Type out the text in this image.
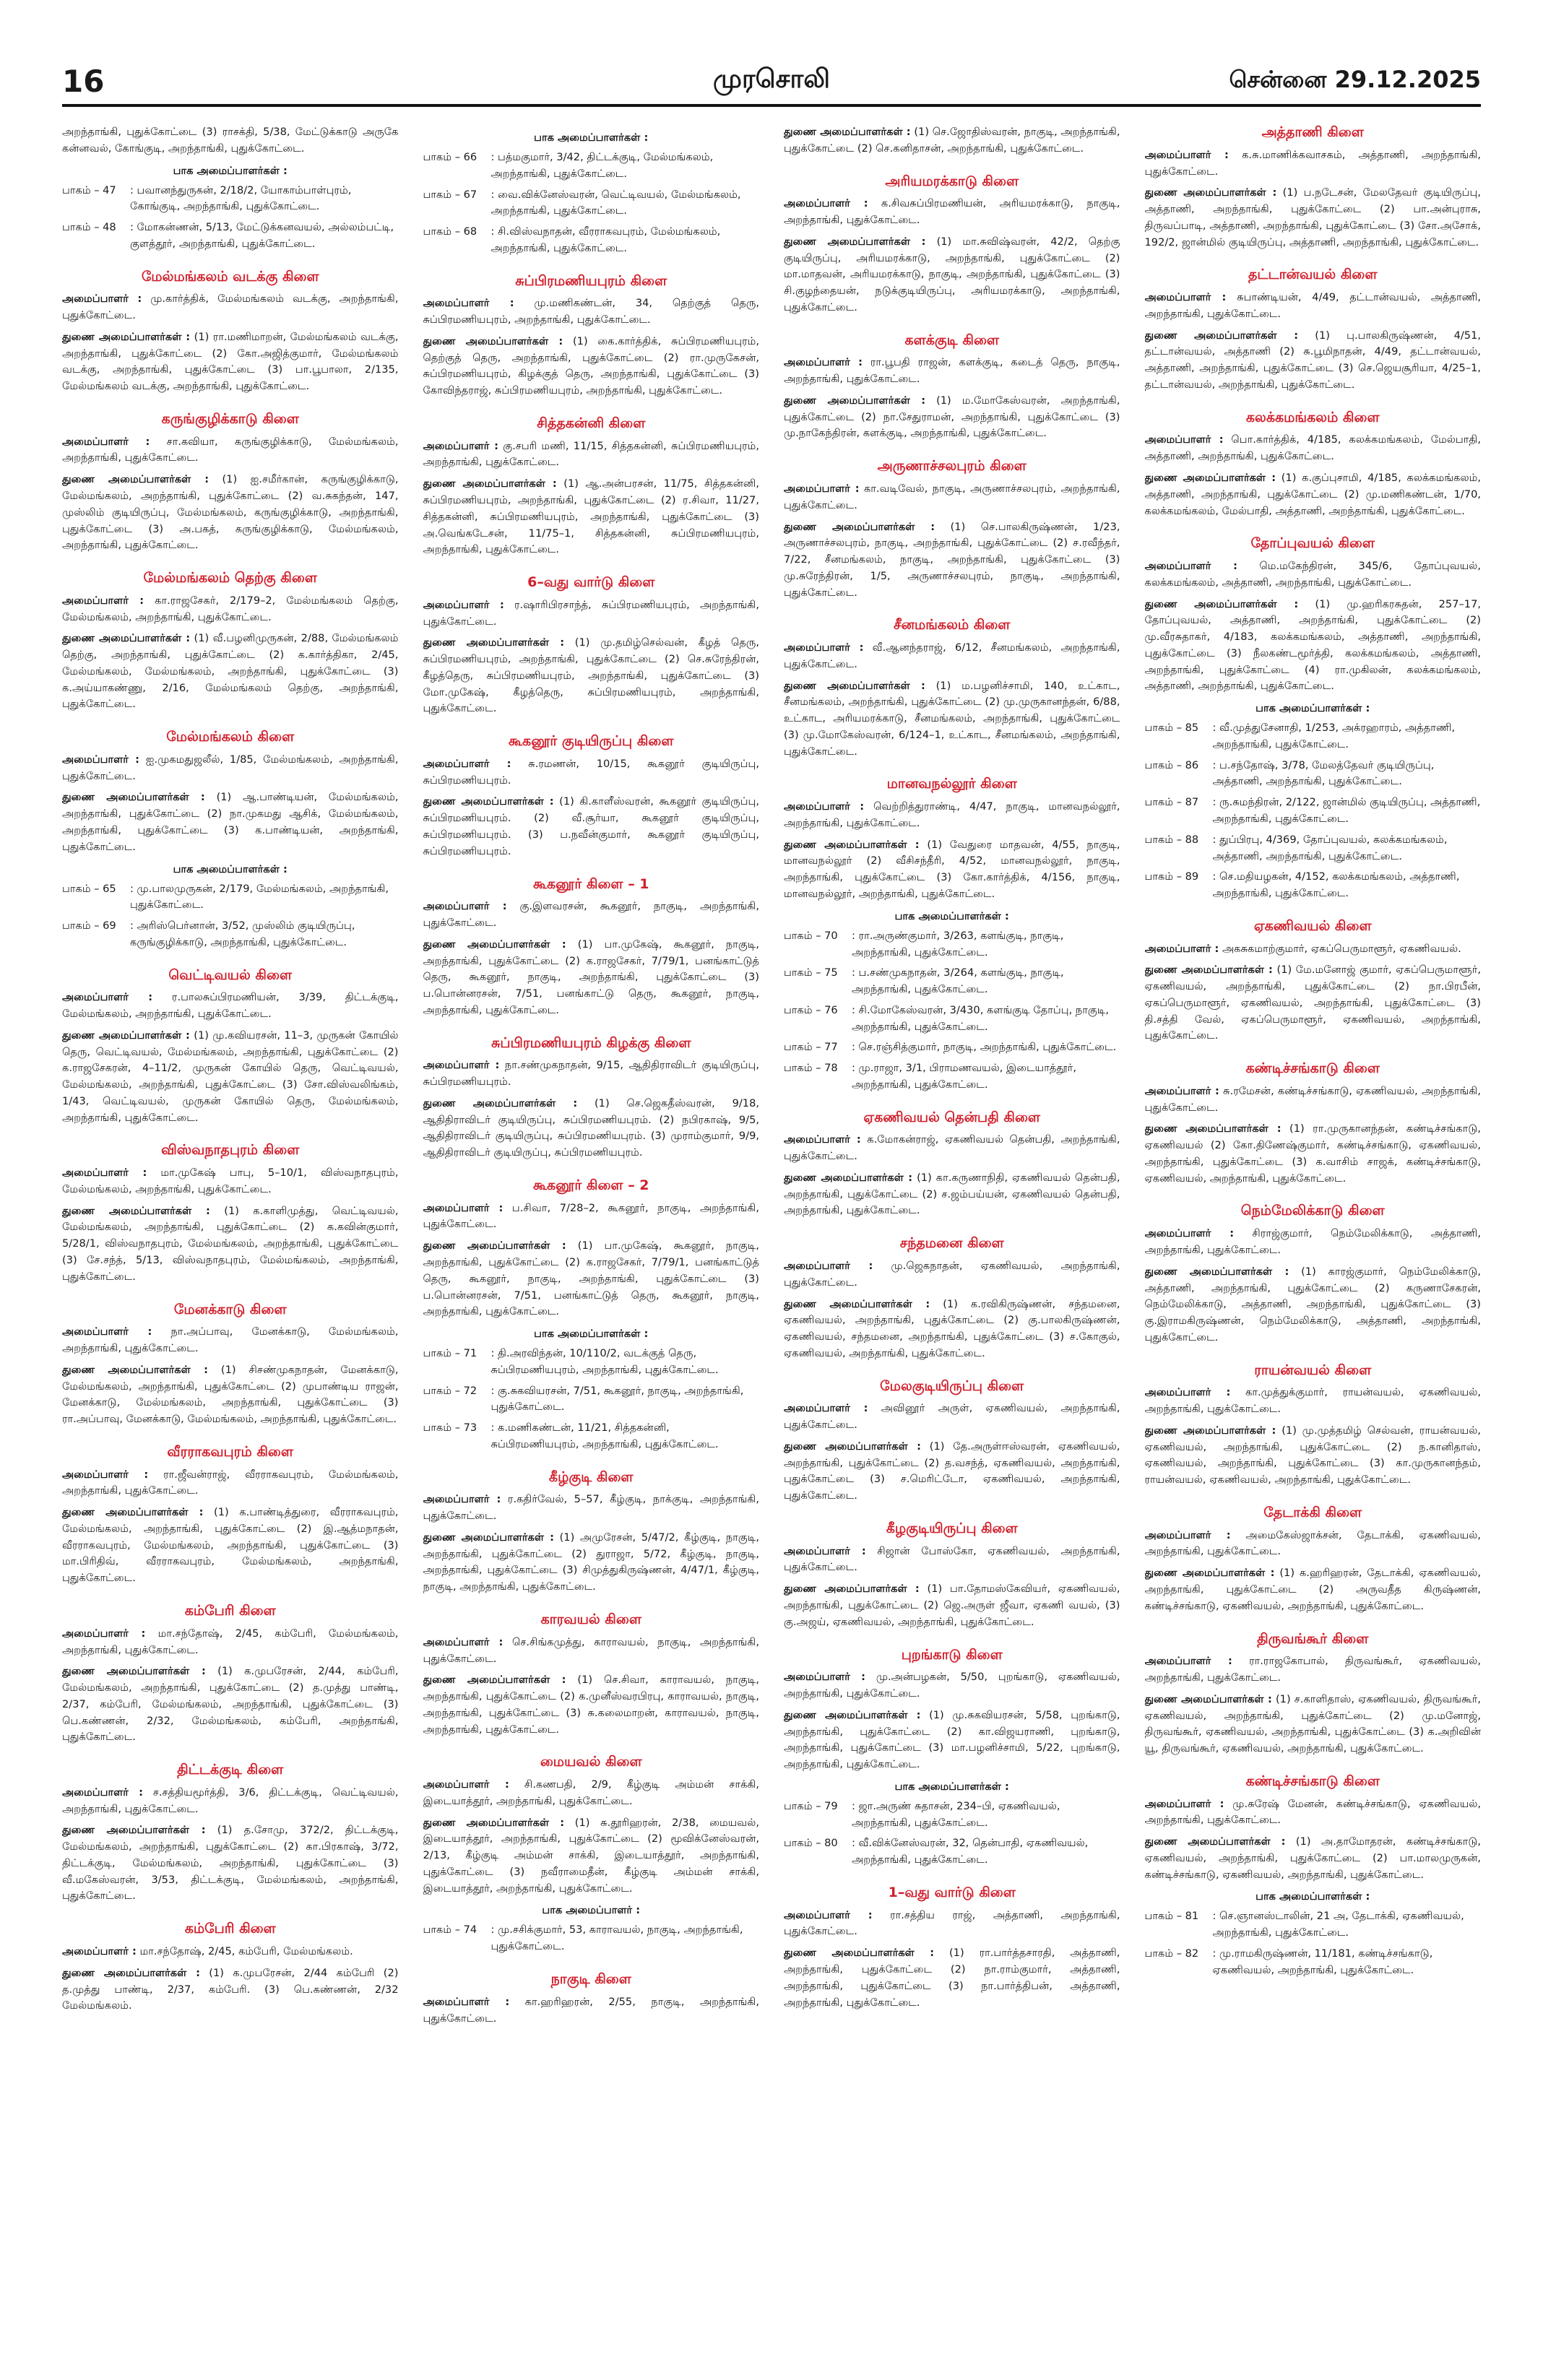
16	முரசொலி	சென்னை 29.12.2025

அறந்தாங்கி, புதுக்கோட்டை (3) ராசக்தி, 5/38, மேட்டுக்காடு அருகே கன்னவல், கோங்குடி, அறந்தாங்கி, புதுக்கோட்டை.

பாக அமைப்பாளர்கள் :
பாகம் – 47	: பவானந்துருகன், 2/18/2, யோகாம்பாள்புரம், கோங்குடி, அறந்தாங்கி, புதுக்கோட்டை.
பாகம் – 48	: மோகன்ணன், 5/13, மேட்டுக்கனவயல், அல்லம்பட்டி, குளத்தூர், அறந்தாங்கி, புதுக்கோட்டை.
மேல்மங்கலம் வடக்கு கிளை

அமைப்பாளர் : மு.கார்த்திக், மேல்மங்கலம் வடக்கு, அறந்தாங்கி, புதுக்கோட்டை.

துணை அமைப்பாளர்கள் : (1) ரா.மணிமாறன், மேல்மங்கலம் வடக்கு, அறந்தாங்கி, புதுக்கோட்டை (2) கோ.அஜித்குமார், மேல்மங்கலம் வடக்கு, அறந்தாங்கி, புதுக்கோட்டை (3) பா.பூபாலா, 2/135, மேல்மங்கலம் வடக்கு, அறந்தாங்கி, புதுக்கோட்டை.

கருங்குழிக்காடு கிளை

அமைப்பாளர் : சா.கவியா, கருங்குழிக்காடு, மேல்மங்கலம், அறந்தாங்கி, புதுக்கோட்டை.

துணை அமைப்பாளர்கள் : (1) ஐ.சமீர்கான், கருங்குழிக்காடு, மேல்மங்கலம், அறந்தாங்கி, புதுக்கோட்டை (2) வ.சுகந்தன், 147, முஸ்லிம் குடியிருப்பு, மேல்மங்கலம், கருங்குழிக்காடு, அறந்தாங்கி, புதுக்கோட்டை (3) அ.பகத், கருங்குழிக்காடு, மேல்மங்கலம், அறந்தாங்கி, புதுக்கோட்டை.

மேல்மங்கலம் தெற்கு கிளை

அமைப்பாளர் : கா.ராஜசேகர், 2/179–2, மேல்மங்கலம் தெற்கு, மேல்மங்கலம், அறந்தாங்கி, புதுக்கோட்டை.

துணை அமைப்பாளர்கள் : (1) வீ.பழனிமுருகன், 2/88, மேல்மங்கலம் தெற்கு, அறந்தாங்கி, புதுக்கோட்டை (2) க.கார்த்திகா, 2/45, மேல்மங்கலம், மேல்மங்கலம், அறந்தாங்கி, புதுக்கோட்டை (3) க.அய்யாகண்ணு, 2/16, மேல்மங்கலம் தெற்கு, அறந்தாங்கி, புதுக்கோட்டை.

மேல்மங்கலம் கிளை

அமைப்பாளர் : ஐ.முகமதுஜலீல், 1/85, மேல்மங்கலம், அறந்தாங்கி, புதுக்கோட்டை.

துணை அமைப்பாளர்கள் : (1) ஆ.பாண்டியன், மேல்மங்கலம், அறந்தாங்கி, புதுக்கோட்டை (2) நா.முகமது ஆசிக், மேல்மங்கலம், அறந்தாங்கி, புதுக்கோட்டை (3) க.பாண்டியன், அறந்தாங்கி, புதுக்கோட்டை.

பாக அமைப்பாளர்கள் :
பாகம் – 65	: மு.பாலமுருகன், 2/179, மேல்மங்கலம், அறந்தாங்கி, புதுக்கோட்டை.
பாகம் – 69	: அரிஸ்பெர்னான், 3/52, முஸ்லிம் குடியிருப்பு, கருங்குழிக்காடு, அறந்தாங்கி, புதுக்கோட்டை.
வெட்டிவயல் கிளை

அமைப்பாளர் : ர.பாலசுப்பிரமணியன், 3/39, திட்டக்குடி, மேல்மங்கலம், அறந்தாங்கி, புதுக்கோட்டை.

துணை அமைப்பாளர்கள் : (1) மு.கவியரசன், 11–3, முருகன் கோயில் தெரு, வெட்டிவயல், மேல்மங்கலம், அறந்தாங்கி, புதுக்கோட்டை (2) க.ராஜசேகரன், 4–11/2, முருகன் கோயில் தெரு, வெட்டிவயல், மேல்மங்கலம், அறந்தாங்கி, புதுக்கோட்டை (3) சோ.விஸ்வலிங்கம், 1/43, வெட்டிவயல், முருகன் கோயில் தெரு, மேல்மங்கலம், அறந்தாங்கி, புதுக்கோட்டை.

விஸ்வநாதபுரம் கிளை

அமைப்பாளர் : மா.முகேஷ் பாபு, 5–10/1, விஸ்வநாதபுரம், மேல்மங்கலம், அறந்தாங்கி, புதுக்கோட்டை.

துணை அமைப்பாளர்கள் : (1) க.காளிமுத்து, வெட்டிவயல், மேல்மங்கலம், அறந்தாங்கி, புதுக்கோட்டை (2) க.கவின்குமார், 5/28/1, விஸ்வநாதபுரம், மேல்மங்கலம், அறந்தாங்கி, புதுக்கோட்டை (3) சே.சந்த், 5/13, விஸ்வநாதபுரம், மேல்மங்கலம், அறந்தாங்கி, புதுக்கோட்டை.

மேனக்காடு கிளை

அமைப்பாளர் : நா.அப்பாவு, மேனக்காடு, மேல்மங்கலம், அறந்தாங்கி, புதுக்கோட்டை.

துணை அமைப்பாளர்கள் : (1) சிசண்முகநாதன், மேனக்காடு, மேல்மங்கலம், அறந்தாங்கி, புதுக்கோட்டை (2) முபாண்டிய ராஜன், மேனக்காடு, மேல்மங்கலம், அறந்தாங்கி, புதுக்கோட்டை (3) ரா.அப்பாவு, மேனக்காடு, மேல்மங்கலம், அறந்தாங்கி, புதுக்கோட்டை.

வீரராகவபுரம் கிளை

அமைப்பாளர் : ரா.ஜீவன்ராஜ், வீரராகவபுரம், மேல்மங்கலம், அறந்தாங்கி, புதுக்கோட்டை.

துணை அமைப்பாளர்கள் : (1) க.பாண்டித்துரை, வீரராகவபுரம், மேல்மங்கலம், அறந்தாங்கி, புதுக்கோட்டை (2) இ.ஆத்மநாதன், வீரராகவபுரம், மேல்மங்கலம், அறந்தாங்கி, புதுக்கோட்டை (3) மா.பிரிதிவ், வீரராகவபுரம், மேல்மங்கலம், அறந்தாங்கி, புதுக்கோட்டை.

கம்பேரி கிளை

அமைப்பாளர் : மா.சந்தோஷ், 2/45, கம்பேரி, மேல்மங்கலம், அறந்தாங்கி, புதுக்கோட்டை.

துணை அமைப்பாளர்கள் : (1) க.முபரேசன், 2/44, கம்பேரி, மேல்மங்கலம், அறந்தாங்கி, புதுக்கோட்டை (2) த.முத்து பாண்டி, 2/37, கம்பேரி, மேல்மங்கலம், அறந்தாங்கி, புதுக்கோட்டை (3) பெ.கண்ணன், 2/32, மேல்மங்கலம், கம்பேரி, அறந்தாங்கி, புதுக்கோட்டை.

திட்டக்குடி கிளை

அமைப்பாளர் : ச.சத்தியமூர்த்தி, 3/6, திட்டக்குடி, வெட்டிவயல், அறந்தாங்கி, புதுக்கோட்டை.

துணை அமைப்பாளர்கள் : (1) த.சோமு, 372/2, திட்டக்குடி, மேல்மங்கலம், அறந்தாங்கி, புதுக்கோட்டை (2) கா.பிரகாஷ், 3/72, திட்டக்குடி, மேல்மங்கலம், அறந்தாங்கி, புதுக்கோட்டை (3) வீ.மகேஸ்வரன், 3/53, திட்டக்குடி, மேல்மங்கலம், அறந்தாங்கி, புதுக்கோட்டை.

கம்பேரி கிளை

அமைப்பாளர் : மா.சந்தோஷ், 2/45, கம்பேரி, மேல்மங்கலம்.

துணை அமைப்பாளர்கள் : (1) க.முபரேசன், 2/44 கம்பேரி (2) த.முத்து பாண்டி, 2/37, கம்பேரி. (3) பெ.கண்ணன், 2/32 மேல்மங்கலம்.

பாக அமைப்பாளர்கள் :
பாகம் – 66	: பத்மகுமார், 3/42, திட்டக்குடி, மேல்மங்கலம், அறந்தாங்கி, புதுக்கோட்டை.
பாகம் – 67	: வை.விக்னேஸ்வரன், வெட்டிவயல், மேல்மங்கலம், அறந்தாங்கி, புதுக்கோட்டை.
பாகம் – 68	: சி.விஸ்வநாதன், வீரராகவபுரம், மேல்மங்கலம், அறந்தாங்கி, புதுக்கோட்டை.
சுப்பிரமணியபுரம் கிளை

அமைப்பாளர் : மு.மணிகண்டன், 34, தெற்குத் தெரு, சுப்பிரமணியபுரம், அறந்தாங்கி, புதுக்கோட்டை.

துணை அமைப்பாளர்கள் : (1) கை.கார்த்திக், சுப்பிரமணியபுரம், தெற்குத் தெரு, அறந்தாங்கி, புதுக்கோட்டை (2) ரா.முருகேசன், சுப்பிரமணியபுரம், கிழக்குத் தெரு, அறந்தாங்கி, புதுக்கோட்டை (3) கோவிந்தராஜ், சுப்பிரமணியபுரம், அறந்தாங்கி, புதுக்கோட்டை.

சித்தகன்னி கிளை

அமைப்பாளர் : கு.சபரி மணி, 11/15, சித்தகன்னி, சுப்பிரமணியபுரம், அறந்தாங்கி, புதுக்கோட்டை.

துணை அமைப்பாளர்கள் : (1) ஆ.அன்பரசன், 11/75, சித்தகன்னி, சுப்பிரமணியபுரம், அறந்தாங்கி, புதுக்கோட்டை (2) ர.சிவா, 11/27, சித்தகன்னி, சுப்பிரமணியபுரம், அறந்தாங்கி, புதுக்கோட்டை (3) அ.வெங்கடேசன், 11/75–1, சித்தகன்னி, சுப்பிரமணியபுரம், அறந்தாங்கி, புதுக்கோட்டை.

6–வது வார்டு கிளை

அமைப்பாளர் : ர.ஷாரிபிரசாந்த், சுப்பிரமணியபுரம், அறந்தாங்கி, புதுக்கோட்டை.

துணை அமைப்பாளர்கள் : (1) மு.தமிழ்செல்வன், கீழத் தெரு, சுப்பிரமணியபுரம், அறந்தாங்கி, புதுக்கோட்டை (2) செ.சுரேந்திரன், கீழத்தெரு, சுப்பிரமணியபுரம், அறந்தாங்கி, புதுக்கோட்டை (3) மோ.முகேஷ், கீழத்தெரு, சுப்பிரமணியபுரம், அறந்தாங்கி, புதுக்கோட்டை.

கூகனூர் குடியிருப்பு கிளை

அமைப்பாளர் : சு.ரமணன், 10/15, கூகனூர் குடியிருப்பு, சுப்பிரமணியபுரம்.

துணை அமைப்பாளர்கள் : (1) கி.காளீஸ்வரன், கூகனூர் குடியிருப்பு, சுப்பிரமணியபுரம். (2) வீ.சூர்யா, கூகனூர் குடியிருப்பு, சுப்பிரமணியபுரம். (3) ப.நவீன்குமார், கூகனூர் குடியிருப்பு, சுப்பிரமணியபுரம்.

கூகனூர் கிளை – 1

அமைப்பாளர் : கு.இளவரசன், கூகனூர், நாகுடி, அறந்தாங்கி, புதுக்கோட்டை.

துணை அமைப்பாளர்கள் : (1) பா.முகேஷ், கூகனூர், நாகுடி, அறந்தாங்கி, புதுக்கோட்டை (2) க.ராஜசேகர், 7/79/1, பனங்காட்டுத் தெரு, கூகனூர், நாகுடி, அறந்தாங்கி, புதுக்கோட்டை (3) ப.பொன்னரசன், 7/51, பனங்காட்டு தெரு, கூகனூர், நாகுடி, அறந்தாங்கி, புதுக்கோட்டை.

சுப்பிரமணியபுரம் கிழக்கு கிளை

அமைப்பாளர் : நா.சண்முகநாதன், 9/15, ஆதிதிராவிடர் குடியிருப்பு, சுப்பிரமணியபுரம்.

துணை அமைப்பாளர்கள் : (1) செ.ஜெகதீஸ்வரன், 9/18, ஆதிதிராவிடர் குடியிருப்பு, சுப்பிரமணியபுரம். (2) நபிரகாஷ், 9/5, ஆதிதிராவிடர் குடியிருப்பு, சுப்பிரமணியபுரம். (3) முராம்குமார், 9/9, ஆதிதிராவிடர் குடியிருப்பு, சுப்பிரமணியபுரம்.

கூகனூர் கிளை – 2

அமைப்பாளர் : ப.சிவா, 7/28–2, கூகனூர், நாகுடி, அறந்தாங்கி, புதுக்கோட்டை.

துணை அமைப்பாளர்கள் : (1) பா.முகேஷ், கூகனூர், நாகுடி, அறந்தாங்கி, புதுக்கோட்டை (2) க.ராஜசேகர், 7/79/1, பனங்காட்டுத் தெரு, கூகனூர், நாகுடி, அறந்தாங்கி, புதுக்கோட்டை (3) ப.பொன்னரசன், 7/51, பனங்காட்டுத் தெரு, கூகனூர், நாகுடி, அறந்தாங்கி, புதுக்கோட்டை.

பாக அமைப்பாளர்கள் :
பாகம் – 71	: தி.அரவிந்தன், 10/110/2, வடக்குத் தெரு, சுப்பிரமணியபுரம், அறந்தாங்கி, புதுக்கோட்டை.
பாகம் – 72	: கு.சுகவியரசன், 7/51, கூகனூர், நாகுடி, அறந்தாங்கி, புதுக்கோட்டை.
பாகம் – 73	: க.மணிகண்டன், 11/21, சித்தகன்னி, சுப்பிரமணியபுரம், அறந்தாங்கி, புதுக்கோட்டை.
கீழ்குடி கிளை

அமைப்பாளர் : ர.கதிர்வேல், 5–57, கீழ்குடி, நாக்குடி, அறந்தாங்கி, புதுக்கோட்டை.

துணை அமைப்பாளர்கள் : (1) அமுரேசன், 5/47/2, கீழ்குடி, நாகுடி, அறந்தாங்கி, புதுக்கோட்டை (2) துராஜா, 5/72, கீழ்குடி, நாகுடி, அறந்தாங்கி, புதுக்கோட்டை (3) சிமுத்துகிருஷ்ணன், 4/47/1, கீழ்குடி, நாகுடி, அறந்தாங்கி, புதுக்கோட்டை.

காரவயல் கிளை

அமைப்பாளர் : செ.சிங்கமுத்து, காராவயல், நாகுடி, அறந்தாங்கி, புதுக்கோட்டை.

துணை அமைப்பாளர்கள் : (1) செ.சிவா, காராவயல், நாகுடி, அறந்தாங்கி, புதுக்கோட்டை (2) க.முனீஸ்வரபிரபு, காராவயல், நாகுடி, அறந்தாங்கி, புதுக்கோட்டை (3) சு.கலைமாறன், காராவயல், நாகுடி, அறந்தாங்கி, புதுக்கோட்டை.

மையவல் கிளை

அமைப்பாளர் : சி.கணபதி, 2/9, கீழ்குடி அம்மன் சாக்கி, இடையாத்தூர், அறந்தாங்கி, புதுக்கோட்டை.

துணை அமைப்பாளர்கள் : (1) சு.தூரிஹரன், 2/38, மையவல், இடையாத்தூர், அறந்தாங்கி, புதுக்கோட்டை (2) மூவிக்னேஸ்வரன், 2/13, கீழ்குடி அம்மன் சாக்கி, இடையாத்தூர், அறந்தாங்கி, புதுக்கோட்டை (3) நவீராமைதீன், கீழ்குடி அம்மன் சாக்கி, இடையாத்தூர், அறந்தாங்கி, புதுக்கோட்டை.

பாக அமைப்பாளர் :
பாகம் – 74	: மு.சசிக்குமார், 53, காராவயல், நாகுடி, அறந்தாங்கி, புதுக்கோட்டை.
நாகுடி கிளை

அமைப்பாளர் : கா.ஹரிஹரன், 2/55, நாகுடி, அறந்தாங்கி, புதுக்கோட்டை.

துணை அமைப்பாளர்கள் : (1) செ.ஜோதிஸ்வரன், நாகுடி, அறந்தாங்கி, புதுக்கோட்டை (2) செ.கனிதாசன், அறந்தாங்கி, புதுக்கோட்டை.

அரியமரக்காடு கிளை

அமைப்பாளர் : க.சிவசுப்பிரமணியன், அரியமரக்காடு, நாகுடி, அறந்தாங்கி, புதுக்கோட்டை.

துணை அமைப்பாளர்கள் : (1) மா.சுவிஷ்வரன், 42/2, தெற்கு குடியிருப்பு, அரியமரக்காடு, அறந்தாங்கி, புதுக்கோட்டை (2) மா.மாதவன், அரியமரக்காடு, நாகுடி, அறந்தாங்கி, புதுக்கோட்டை (3) சி.குழந்தையன், நடுக்குடியிருப்பு, அரியமரக்காடு, அறந்தாங்கி, புதுக்கோட்டை.

களக்குடி கிளை

அமைப்பாளர் : ரா.பூபதி ராஜன், களக்குடி, கடைத் தெரு, நாகுடி, அறந்தாங்கி, புதுக்கோட்டை.

துணை அமைப்பாளர்கள் : (1) ம.மோகேஸ்வரன், அறந்தாங்கி, புதுக்கோட்டை (2) நா.சேதுராமன், அறந்தாங்கி, புதுக்கோட்டை (3) மு.நாகேந்திரன், களக்குடி, அறந்தாங்கி, புதுக்கோட்டை.

அருணாச்சலபுரம் கிளை

அமைப்பாளர் : கா.வடிவேல், நாகுடி, அருணாச்சலபுரம், அறந்தாங்கி, புதுக்கோட்டை.

துணை அமைப்பாளர்கள் : (1) செ.பாலகிருஷ்ணன், 1/23, அருணாச்சலபுரம், நாகுடி, அறந்தாங்கி, புதுக்கோட்டை (2) ச.ரவீந்தர், 7/22, சீனமங்கலம், நாகுடி, அறந்தாங்கி, புதுக்கோட்டை (3) மு.சுரேந்திரன், 1/5, அருணாச்சலபுரம், நாகுடி, அறந்தாங்கி, புதுக்கோட்டை.

சீனமங்கலம் கிளை

அமைப்பாளர் : வீ.ஆனந்தராஜ், 6/12, சீனமங்கலம், அறந்தாங்கி, புதுக்கோட்டை.

துணை அமைப்பாளர்கள் : (1) ம.பழனிச்சாமி, 140, உட்காட, சீனமங்கலம், அறந்தாங்கி, புதுக்கோட்டை (2) மு.முருகானந்தன், 6/88, உட்காட, அரியமரக்காடு, சீனமங்கலம், அறந்தாங்கி, புதுக்கோட்டை (3) மு.மோகேஸ்வரன், 6/124–1, உட்காட, சீனமங்கலம், அறந்தாங்கி, புதுக்கோட்டை.

மானவநல்லூர் கிளை

அமைப்பாளர் : வெற்றித்துராண்டி, 4/47, நாகுடி, மானவநல்லூர், அறந்தாங்கி, புதுக்கோட்டை.

துணை அமைப்பாளர்கள் : (1) வேதுரை மாதவன், 4/55, நாகுடி, மானவநல்லூர் (2) வீசிசந்தீரி, 4/52, மானவநல்லூர், நாகுடி, அறந்தாங்கி, புதுக்கோட்டை (3) கோ.கார்த்திக், 4/156, நாகுடி, மானவநல்லூர், அறந்தாங்கி, புதுக்கோட்டை.

பாக அமைப்பாளர்கள் :
பாகம் – 70	: ரா.அருண்குமார், 3/263, களங்குடி, நாகுடி, அறந்தாங்கி, புதுக்கோட்டை.
பாகம் – 75	: ப.சண்முகநாதன், 3/264, களங்குடி, நாகுடி, அறந்தாங்கி, புதுக்கோட்டை.
பாகம் – 76	: சி.மோகேஸ்வரன், 3/430, களங்குடி தோப்பு, நாகுடி, அறந்தாங்கி, புதுக்கோட்டை.
பாகம் – 77	: செ.ரஞ்சித்குமார், நாகுடி, அறந்தாங்கி, புதுக்கோட்டை.
பாகம் – 78	: மு.ராஜா, 3/1, பிராமணவயல், இடையாத்தூர், அறந்தாங்கி, புதுக்கோட்டை.
ஏகணிவயல் தென்பதி கிளை

அமைப்பாளர் : க.மோகன்ராஜ், ஏகணிவயல் தென்பதி, அறந்தாங்கி, புதுக்கோட்டை.

துணை அமைப்பாளர்கள் : (1) கா.கருணாநிதி, ஏகணிவயல் தென்பதி, அறந்தாங்கி, புதுக்கோட்டை (2) ச.ஜம்பய்யன், ஏகணிவயல் தென்பதி, அறந்தாங்கி, புதுக்கோட்டை.

சந்தமனை கிளை

அமைப்பாளர் : மு.ஜெகநாதன், ஏகணிவயல், அறந்தாங்கி, புதுக்கோட்டை.

துணை அமைப்பாளர்கள் : (1) க.ரவிகிருஷ்ணன், சந்தமனை, ஏகணிவயல், அறந்தாங்கி, புதுக்கோட்டை (2) கு.பாலகிருஷ்ணன், ஏகணிவயல், சந்தமனை, அறந்தாங்கி, புதுக்கோட்டை (3) ச.கோகுல், ஏகணிவயல், அறந்தாங்கி, புதுக்கோட்டை.

மேலகுடியிருப்பு கிளை

அமைப்பாளர் : அவினூர் அருள், ஏகணிவயல், அறந்தாங்கி, புதுக்கோட்டை.

துணை அமைப்பாளர்கள் : (1) தே.அருள்ஈஸ்வரன், ஏகணிவயல், அறந்தாங்கி, புதுக்கோட்டை (2) த.வசந்த், ஏகணிவயல், அறந்தாங்கி, புதுக்கோட்டை (3) ச.மெரிட்டோ, ஏகணிவயல், அறந்தாங்கி, புதுக்கோட்டை.

கீழகுடியிருப்பு கிளை

அமைப்பாளர் : சிஜான் போஸ்கோ, ஏகணிவயல், அறந்தாங்கி, புதுக்கோட்டை.

துணை அமைப்பாளர்கள் : (1) பா.தோமஸ்கேவியர், ஏகணிவயல், அறந்தாங்கி, புதுக்கோட்டை (2) ஜெ.அருள் ஜீவா, ஏகணி வயல், (3) கு.அஜய், ஏகணிவயல், அறந்தாங்கி, புதுக்கோட்டை.

புறங்காடு கிளை

அமைப்பாளர் : மு.அன்பழகன், 5/50, புறங்காடு, ஏகணிவயல், அறந்தாங்கி, புதுக்கோட்டை.

துணை அமைப்பாளர்கள் : (1) மு.சுகவியரசன், 5/58, புறங்காடு, அறந்தாங்கி, புதுக்கோட்டை (2) கா.விஜயராணி, புறங்காடு, அறந்தாங்கி, புதுக்கோட்டை (3) மா.பழனிச்சாமி, 5/22, புறங்காடு, அறந்தாங்கி, புதுக்கோட்டை.

பாக அமைப்பாளர்கள் :
பாகம் – 79	: ஜா.அருண் சுதாசன், 234–பி, ஏகணிவயல், அறந்தாங்கி, புதுக்கோட்டை.
பாகம் – 80	: வீ.விக்னேஸ்வரன், 32, தென்பாதி, ஏகணிவயல், அறந்தாங்கி, புதுக்கோட்டை.
1–வது வார்டு கிளை

அமைப்பாளர் : ரா.சத்திய ராஜ், அத்தாணி, அறந்தாங்கி, புதுக்கோட்டை.

துணை அமைப்பாளர்கள் : (1) ரா.பார்த்தசாரதி, அத்தாணி, அறந்தாங்கி, புதுக்கோட்டை (2) நா.ராம்குமார், அத்தாணி, அறந்தாங்கி, புதுக்கோட்டை (3) நா.பார்த்திபன், அத்தாணி, அறந்தாங்கி, புதுக்கோட்டை.

அத்தாணி கிளை

அமைப்பாளர் : க.சு.மாணிக்கவாசகம், அத்தாணி, அறந்தாங்கி, புதுக்கோட்டை.

துணை அமைப்பாளர்கள் : (1) ப.நடேசன், மேலதேவர் குடியிருப்பு, அத்தாணி, அறந்தாங்கி, புதுக்கோட்டை (2) பா.அன்புராசு, திருவப்பாடி, அத்தாணி, அறந்தாங்கி, புதுக்கோட்டை (3) சோ.அசோக், 192/2, ஜான்மில் குடியிருப்பு, அத்தாணி, அறந்தாங்கி, புதுக்கோட்டை.

தட்டான்வயல் கிளை

அமைப்பாளர் : சுபாண்டியன், 4/49, தட்டான்வயல், அத்தாணி, அறந்தாங்கி, புதுக்கோட்டை.

துணை அமைப்பாளர்கள் : (1) பு.பாலகிருஷ்ணன், 4/51, தட்டான்வயல், அத்தாணி (2) சு.பூமிநாதன், 4/49, தட்டான்வயல், அத்தாணி, அறந்தாங்கி, புதுக்கோட்டை (3) செ.ஜெயசூரியா, 4/25–1, தட்டான்வயல், அறந்தாங்கி, புதுக்கோட்டை.

கலக்கமங்கலம் கிளை

அமைப்பாளர் : பொ.கார்த்திக், 4/185, கலக்கமங்கலம், மேல்பாதி, அத்தாணி, அறந்தாங்கி, புதுக்கோட்டை.

துணை அமைப்பாளர்கள் : (1) க.குப்புசாமி, 4/185, கலக்கமங்கலம், அத்தாணி, அறந்தாங்கி, புதுக்கோட்டை (2) மு.மணிகண்டன், 1/70, கலக்கமங்கலம், மேல்பாதி, அத்தாணி, அறந்தாங்கி, புதுக்கோட்டை.

தோப்புவயல் கிளை

அமைப்பாளர் : மெ.மகேந்திரன், 345/6, தோப்புவயல், கலக்கமங்கலம், அத்தாணி, அறந்தாங்கி, புதுக்கோட்டை.

துணை அமைப்பாளர்கள் : (1) மு.ஹரிகரசுதன், 257–17, தோப்புவயல், அத்தாணி, அறந்தாங்கி, புதுக்கோட்டை (2) மு.வீரசுதாகர், 4/183, கலக்கமங்கலம், அத்தாணி, அறந்தாங்கி, புதுக்கோட்டை (3) நீலகண்டமூர்த்தி, கலக்கமங்கலம், அத்தாணி, அறந்தாங்கி, புதுக்கோட்டை (4) ரா.முகிலன், கலக்கமங்கலம், அத்தாணி, அறந்தாங்கி, புதுக்கோட்டை.

பாக அமைப்பாளர்கள் :
பாகம் – 85	: வீ.முத்துசேனாதி, 1/253, அக்ரஹாரம், அத்தாணி, அறந்தாங்கி, புதுக்கோட்டை.
பாகம் – 86	: ப.சந்தோஷ், 3/78, மேலத்தேவர் குடியிருப்பு, அத்தாணி, அறந்தாங்கி, புதுக்கோட்டை.
பாகம் – 87	: ரு.சுமந்திரன், 2/122, ஜான்மில் குடியிருப்பு, அத்தாணி, அறந்தாங்கி, புதுக்கோட்டை.
பாகம் – 88	: துப்பிரபு, 4/369, தோப்புவயல், கலக்கமங்கலம், அத்தாணி, அறந்தாங்கி, புதுக்கோட்டை.
பாகம் – 89	: செ.மதியழகன், 4/152, கலக்கமங்கலம், அத்தாணி, அறந்தாங்கி, புதுக்கோட்டை.
ஏகணிவயல் கிளை

அமைப்பாளர் : அகசுகமாற்குமார், ஏகப்பெருமாளூர், ஏகணிவயல்.

துணை அமைப்பாளர்கள் : (1) மே.மனோஜ் குமார், ஏகப்பெருமாளூர், ஏகணிவயல், அறந்தாங்கி, புதுக்கோட்டை (2) நா.பிரபீன், ஏகப்பெருமாளூர், ஏகணிவயல், அறந்தாங்கி, புதுக்கோட்டை (3) தி.சத்தி வேல், ஏகப்பெருமாளூர், ஏகணிவயல், அறந்தாங்கி, புதுக்கோட்டை.

கண்டிச்சங்காடு கிளை

அமைப்பாளர் : சு.ரமேசன், கண்டிச்சங்காடு, ஏகணிவயல், அறந்தாங்கி, புதுக்கோட்டை.

துணை அமைப்பாளர்கள் : (1) ரா.முருகானந்தன், கண்டிச்சங்காடு, ஏகணிவயல் (2) கோ.திணேஷ்குமார், கண்டிச்சங்காடு, ஏகணிவயல், அறந்தாங்கி, புதுக்கோட்டை (3) க.வாசிம் சாஜக், கண்டிச்சங்காடு, ஏகணிவயல், அறந்தாங்கி, புதுக்கோட்டை.

நெம்மேலிக்காடு கிளை

அமைப்பாளர் : சிராஜ்குமார், நெம்மேலிக்காடு, அத்தாணி, அறந்தாங்கி, புதுக்கோட்டை.

துணை அமைப்பாளர்கள் : (1) காரஜ்குமார், நெம்மேலிக்காடு, அத்தாணி, அறந்தாங்கி, புதுக்கோட்டை (2) கருணாசேகரன், நெம்மேலிக்காடு, அத்தாணி, அறந்தாங்கி, புதுக்கோட்டை (3) கு.இராமகிருஷ்ணன், நெம்மேலிக்காடு, அத்தாணி, அறந்தாங்கி, புதுக்கோட்டை.

ராயன்வயல் கிளை

அமைப்பாளர் : கா.முத்துக்குமார், ராயன்வயல், ஏகணிவயல், அறந்தாங்கி, புதுக்கோட்டை.

துணை அமைப்பாளர்கள் : (1) மு.முத்தமிழ் செல்வன், ராயன்வயல், ஏகணிவயல், அறந்தாங்கி, புதுக்கோட்டை (2) ந.கானிதாஸ், ஏகணிவயல், அறந்தாங்கி, புதுக்கோட்டை (3) கா.முருகானந்தம், ராயன்வயல், ஏகணிவயல், அறந்தாங்கி, புதுக்கோட்டை.

தேடாக்கி கிளை

அமைப்பாளர் : அமைகேஸ்ஜாக்சன், தேடாக்கி, ஏகணிவயல், அறந்தாங்கி, புதுக்கோட்டை.

துணை அமைப்பாளர்கள் : (1) க.ஹரிஹரன், தேடாக்கி, ஏகணிவயல், அறந்தாங்கி, புதுக்கோட்டை (2) அருவதீத கிருஷ்ணன், கண்டிச்சங்காடு, ஏகணிவயல், அறந்தாங்கி, புதுக்கோட்டை.

திருவங்கூர் கிளை

அமைப்பாளர் : ரா.ராஜகோபால், திருவங்கூர், ஏகணிவயல், அறந்தாங்கி, புதுக்கோட்டை.

துணை அமைப்பாளர்கள் : (1) ச.காளிதாஸ், ஏகணிவயல், திருவங்கூர், ஏகணிவயல், அறந்தாங்கி, புதுக்கோட்டை (2) மு.மனோஜ், திருவங்கூர், ஏகணிவயல், அறந்தாங்கி, புதுக்கோட்டை (3) க.அறிவின் யூ, திருவங்கூர், ஏகணிவயல், அறந்தாங்கி, புதுக்கோட்டை.

கண்டிச்சங்காடு கிளை

அமைப்பாளர் : மு.சுரேஷ் மேனன், கண்டிச்சங்காடு, ஏகணிவயல், அறந்தாங்கி, புதுக்கோட்டை.

துணை அமைப்பாளர்கள் : (1) அ.தாமோதரன், கண்டிச்சங்காடு, ஏகணிவயல், அறந்தாங்கி, புதுக்கோட்டை (2) பா.மாலமுருகன், கண்டிச்சங்காடு, ஏகணிவயல், அறந்தாங்கி, புதுக்கோட்டை.

பாக அமைப்பாளர்கள் :
பாகம் – 81	: செ.ஞானஸ்டாலின், 21 அ, தேடாக்கி, ஏகணிவயல், அறந்தாங்கி, புதுக்கோட்டை.
பாகம் – 82	: மு.ராமகிருஷ்ணன், 11/181, கண்டிச்சங்காடு, ஏகணிவயல், அறந்தாங்கி, புதுக்கோட்டை.
